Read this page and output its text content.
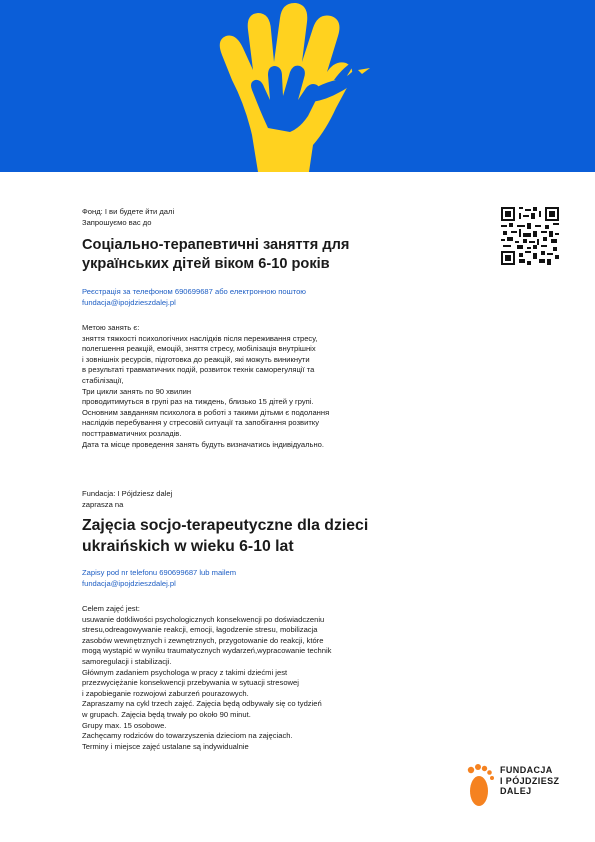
Фонд: І ви будете йти далі

Запрошуємо вас до

Соціально-терапевтичні заняття для

українських дітей віком 6-10 років

Реєстрація за телефоном 690699687 або електронною поштою

fundacja@ipojdzieszdalej.pl

Метою занять є:
зняття тяжкості психологічних наслідків після переживання стресу,
полегшення реакцій, емоцій, зняття стресу, мобілізація внутрішніх
і зовнішніх ресурсів, підготовка до реакцій, які можуть виникнути
в результаті травматичних подій, розвиток технік саморегуляції та
стабілізації,
Три цикли занять по 90 хвилин
проводитимуться в групі раз на тиждень, близько 15 дітей у групі.
Основним завданням психолога в роботі з такими дітьми є подолання
наслідків перебування у стресовій ситуації та запобігання розвитку
посттравматичних розладів.
Дата та місце проведення занять будуть визначатись індивідуально.

Fundacja: I Pójdziesz dalej

zaprasza na

Zajęcia socjo-terapeutyczne dla dzieci

ukraińskich w wieku 6-10 lat

Zapisy pod nr telefonu 690699687 lub mailem

fundacja@ipojdzieszdalej.pl

Celem zajęć jest:
usuwanie dotkliwości psychologicznych konsekwencji po doświadczeniu
stresu,odreagowywanie reakcji, emocji, łagodzenie stresu, mobilizacja
zasobów wewnętrznych i zewnętrznych, przygotowanie do reakcji, które
mogą wystąpić w wyniku traumatycznych wydarzeń,wypracowanie technik
samoregulacji i stabilizacji.
Głównym zadaniem psychologa w pracy z takimi dziećmi jest
przezwyciężanie konsekwencji przebywania w sytuacji stresowej
i zapobieganie rozwojowi zaburzeń pourazowych.
Zapraszamy na cykl trzech zajęć. Zajęcia będą odbywały się co tydzień
w grupach. Zajęcia będą trwały po około 90 minut.
Grupy max. 15 osobowe.
Zachęcamy rodziców do towarzyszenia dzieciom na zajęciach.
Terminy i miejsce zajęć ustalane są indywidualnie
FUNDACJA
I PÓJDZIESZ
DALEJ
